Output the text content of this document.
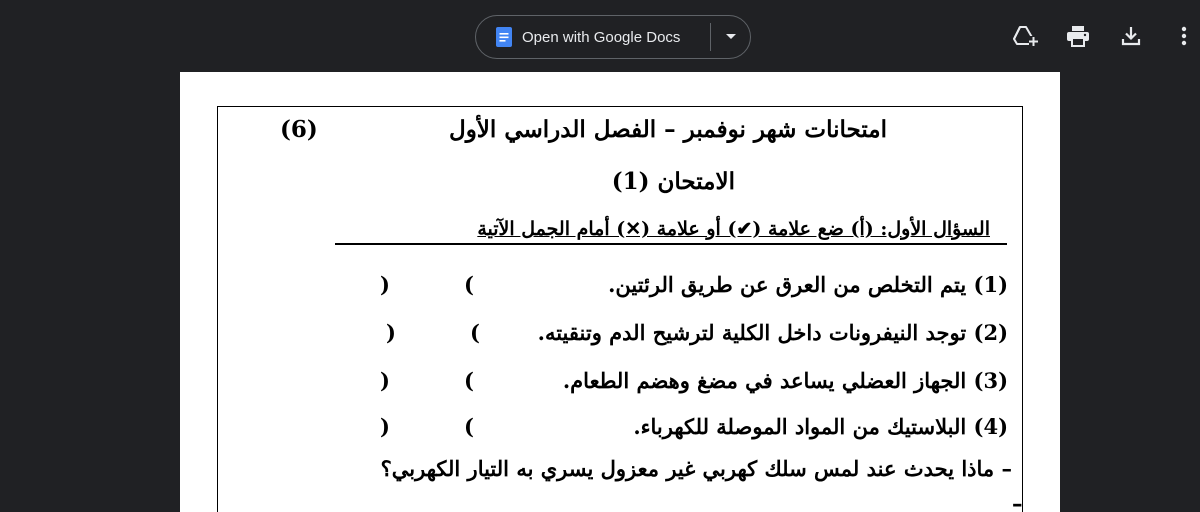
Open with Google Docs
امتحانات شهر نوفمبر – الفصل الدراسي الأول
(6)
الامتحان (1)
السؤال الأول: (أ) ضع علامة (✔) أو علامة (✕) أمام الجمل الآتية
(1) يتم التخلص من العرق عن طريق الرئتين.
(
)
(2) توجد النيفرونات داخل الكلية لترشيح الدم وتنقيته.
(
)
(3) الجهاز العضلي يساعد في مضغ وهضم الطعام.
(
)
(4) البلاستيك من المواد الموصلة للكهرباء.
(
)
– ماذا يحدث عند لمس سلك كهربي غير معزول يسري به التيار الكهربي؟
–
